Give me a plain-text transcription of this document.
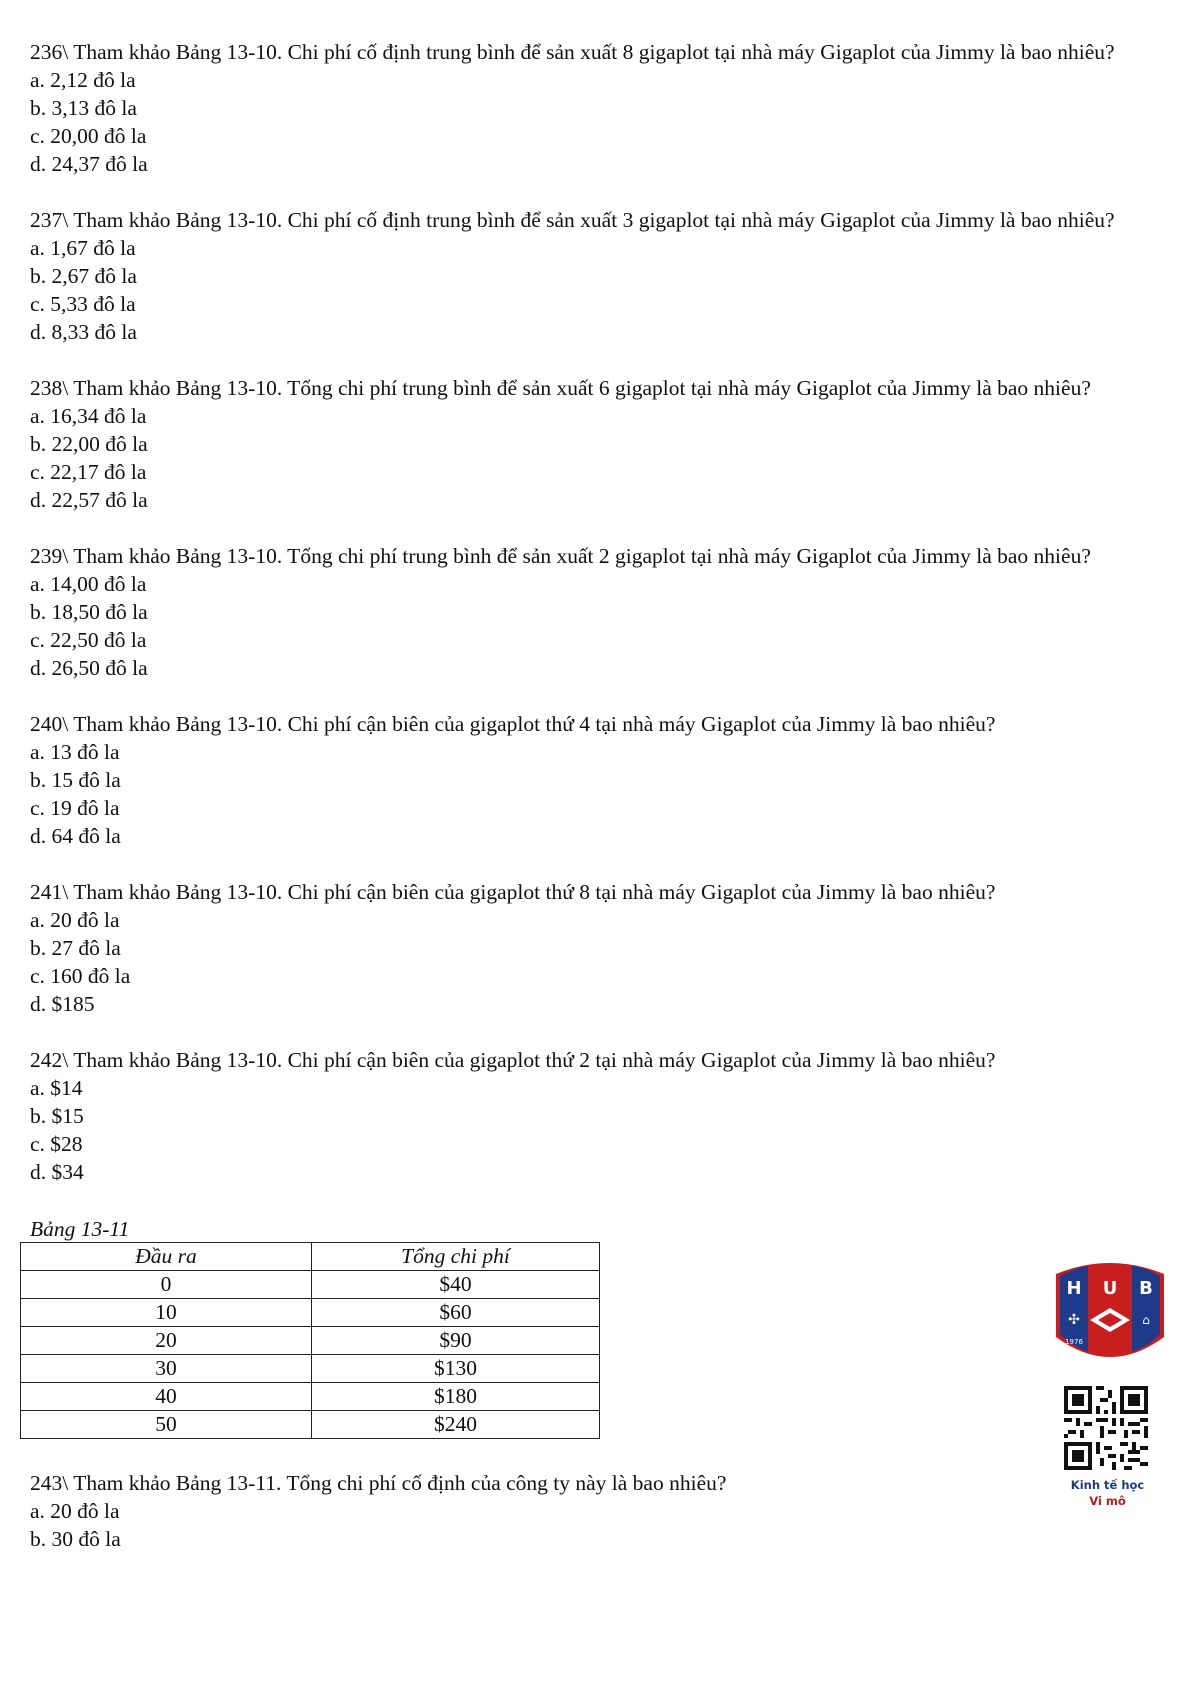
236\ Tham khảo Bảng 13-10. Chi phí cố định trung bình để sản xuất 8 gigaplot tại nhà máy Gigaplot của Jimmy là bao nhiêu?
a. 2,12 đô la
b. 3,13 đô la
c. 20,00 đô la
d. 24,37 đô la
237\ Tham khảo Bảng 13-10. Chi phí cố định trung bình để sản xuất 3 gigaplot tại nhà máy Gigaplot của Jimmy là bao nhiêu?
a. 1,67 đô la
b. 2,67 đô la
c. 5,33 đô la
d. 8,33 đô la
238\ Tham khảo Bảng 13-10. Tổng chi phí trung bình để sản xuất 6 gigaplot tại nhà máy Gigaplot của Jimmy là bao nhiêu?
a. 16,34 đô la
b. 22,00 đô la
c. 22,17 đô la
d. 22,57 đô la
239\ Tham khảo Bảng 13-10. Tổng chi phí trung bình để sản xuất 2 gigaplot tại nhà máy Gigaplot của Jimmy là bao nhiêu?
a. 14,00 đô la
b. 18,50 đô la
c. 22,50 đô la
d. 26,50 đô la
240\ Tham khảo Bảng 13-10. Chi phí cận biên của gigaplot thứ 4 tại nhà máy Gigaplot của Jimmy là bao nhiêu?
a. 13 đô la
b. 15 đô la
c. 19 đô la
d. 64 đô la
241\ Tham khảo Bảng 13-10. Chi phí cận biên của gigaplot thứ 8 tại nhà máy Gigaplot của Jimmy là bao nhiêu?
a. 20 đô la
b. 27 đô la
c. 160 đô la
d. $185
242\ Tham khảo Bảng 13-10. Chi phí cận biên của gigaplot thứ 2 tại nhà máy Gigaplot của Jimmy là bao nhiêu?
a. $14
b. $15
c. $28
d. $34
Bảng 13-11
Đầu ra	Tổng chi phí
0	$40
10	$60
20	$90
30	$130
40	$180
50	$240
243\ Tham khảo Bảng 13-11. Tổng chi phí cố định của công ty này là bao nhiêu?
a. 20 đô la
b. 30 đô la
H U B
✣	⌂
1976
Kinh tế học
Vi mô
